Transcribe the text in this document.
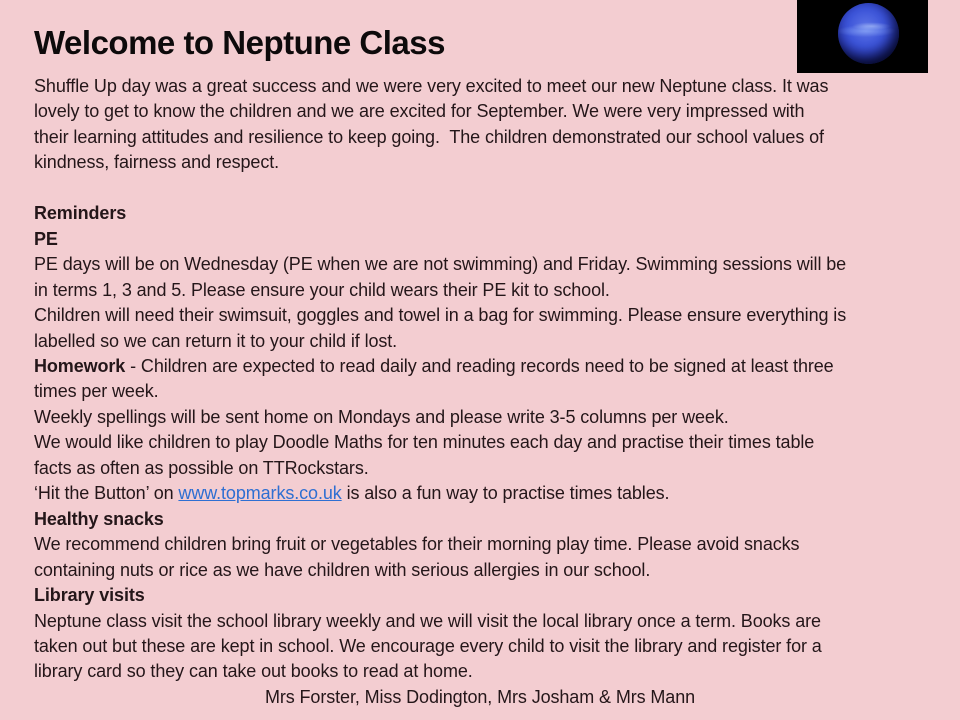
Welcome to Neptune Class
Shuffle Up day was a great success and we were very excited to meet our new Neptune class. It was
lovely to get to know the children and we are excited for September. We were very impressed with
their learning attitudes and resilience to keep going.  The children demonstrated our school values of
kindness, fairness and respect.

Reminders
PE
PE days will be on Wednesday (PE when we are not swimming) and Friday. Swimming sessions will be
in terms 1, 3 and 5. Please ensure your child wears their PE kit to school.
Children will need their swimsuit, goggles and towel in a bag for swimming. Please ensure everything is
labelled so we can return it to your child if lost.
Homework - Children are expected to read daily and reading records need to be signed at least three
times per week.
Weekly spellings will be sent home on Mondays and please write 3-5 columns per week.
We would like children to play Doodle Maths for ten minutes each day and practise their times table
facts as often as possible on TTRockstars.
‘Hit the Button’ on www.topmarks.co.uk is also a fun way to practise times tables.
Healthy snacks
We recommend children bring fruit or vegetables for their morning play time. Please avoid snacks
containing nuts or rice as we have children with serious allergies in our school.
Library visits
Neptune class visit the school library weekly and we will visit the local library once a term. Books are
taken out but these are kept in school. We encourage every child to visit the library and register for a
library card so they can take out books to read at home.
Mrs Forster, Miss Dodington, Mrs Josham & Mrs Mann
